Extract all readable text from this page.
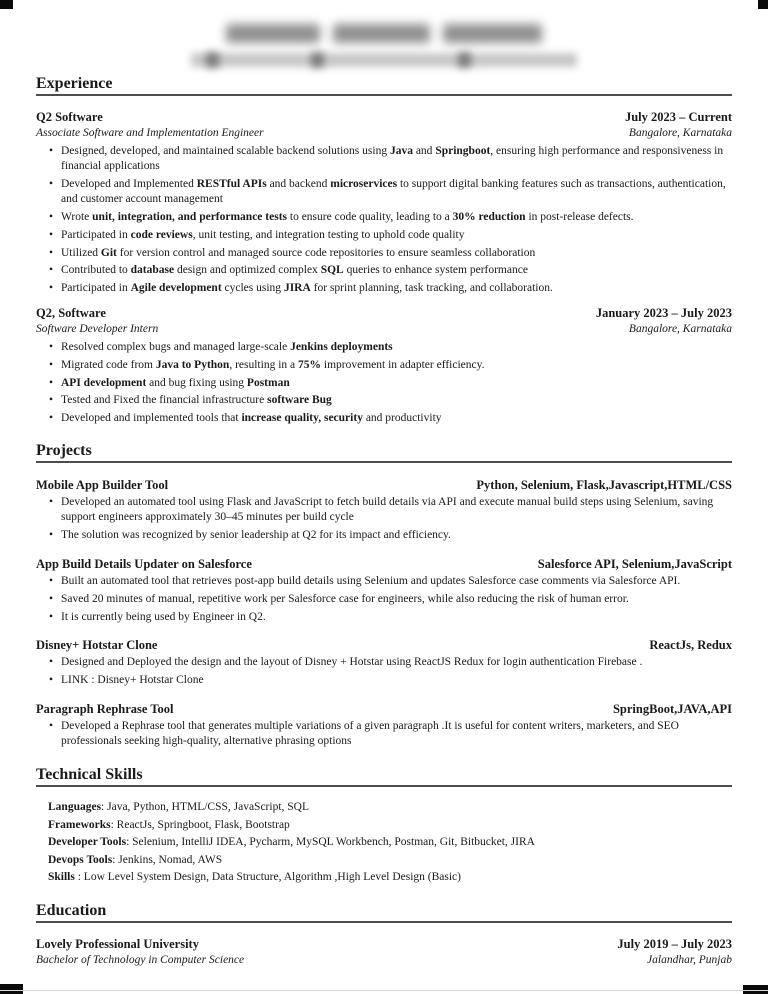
Experience
Q2 Software	July 2023 – Current
Associate Software and Implementation Engineer	Bangalore, Karnataka
• Designed, developed, and maintained scalable backend solutions using Java and Springboot, ensuring high performance and responsiveness in financial applications
• Developed and Implemented RESTful APIs and backend microservices to support digital banking features such as transactions, authentication, and customer account management
• Wrote unit, integration, and performance tests to ensure code quality, leading to a 30% reduction in post-release defects.
• Participated in code reviews, unit testing, and integration testing to uphold code quality
• Utilized Git for version control and managed source code repositories to ensure seamless collaboration
• Contributed to database design and optimized complex SQL queries to enhance system performance
• Participated in Agile development cycles using JIRA for sprint planning, task tracking, and collaboration.
Q2, Software	January 2023 – July 2023
Software Developer Intern	Bangalore, Karnataka
• Resolved complex bugs and managed large-scale Jenkins deployments
• Migrated code from Java to Python, resulting in a 75% improvement in adapter efficiency.
• API development and bug fixing using Postman
• Tested and Fixed the financial infrastructure software Bug
• Developed and implemented tools that increase quality, security and productivity
Projects
Mobile App Builder Tool	Python, Selenium, Flask,Javascript,HTML/CSS
• Developed an automated tool using Flask and JavaScript to fetch build details via API and execute manual build steps using Selenium, saving support engineers approximately 30–45 minutes per build cycle
• The solution was recognized by senior leadership at Q2 for its impact and efficiency.
App Build Details Updater on Salesforce	Salesforce API, Selenium,JavaScript
• Built an automated tool that retrieves post-app build details using Selenium and updates Salesforce case comments via Salesforce API.
• Saved 20 minutes of manual, repetitive work per Salesforce case for engineers, while also reducing the risk of human error.
• It is currently being used by Engineer in Q2.
Disney+ Hotstar Clone	ReactJs, Redux
• Designed and Deployed the design and the layout of Disney + Hotstar using ReactJS Redux for login authentication Firebase .
• LINK : Disney+ Hotstar Clone
Paragraph Rephrase Tool	SpringBoot,JAVA,API
• Developed a Rephrase tool that generates multiple variations of a given paragraph .It is useful for content writers, marketers, and SEO professionals seeking high-quality, alternative phrasing options
Technical Skills
Languages: Java, Python, HTML/CSS, JavaScript, SQL
Frameworks: ReactJs, Springboot, Flask, Bootstrap
Developer Tools: Selenium, IntelliJ IDEA, Pycharm, MySQL Workbench, Postman, Git, Bitbucket, JIRA
Devops Tools: Jenkins, Nomad, AWS
Skills : Low Level System Design, Data Structure, Algorithm ,High Level Design (Basic)
Education
Lovely Professional University	July 2019 – July 2023
Bachelor of Technology in Computer Science	Jalandhar, Punjab
